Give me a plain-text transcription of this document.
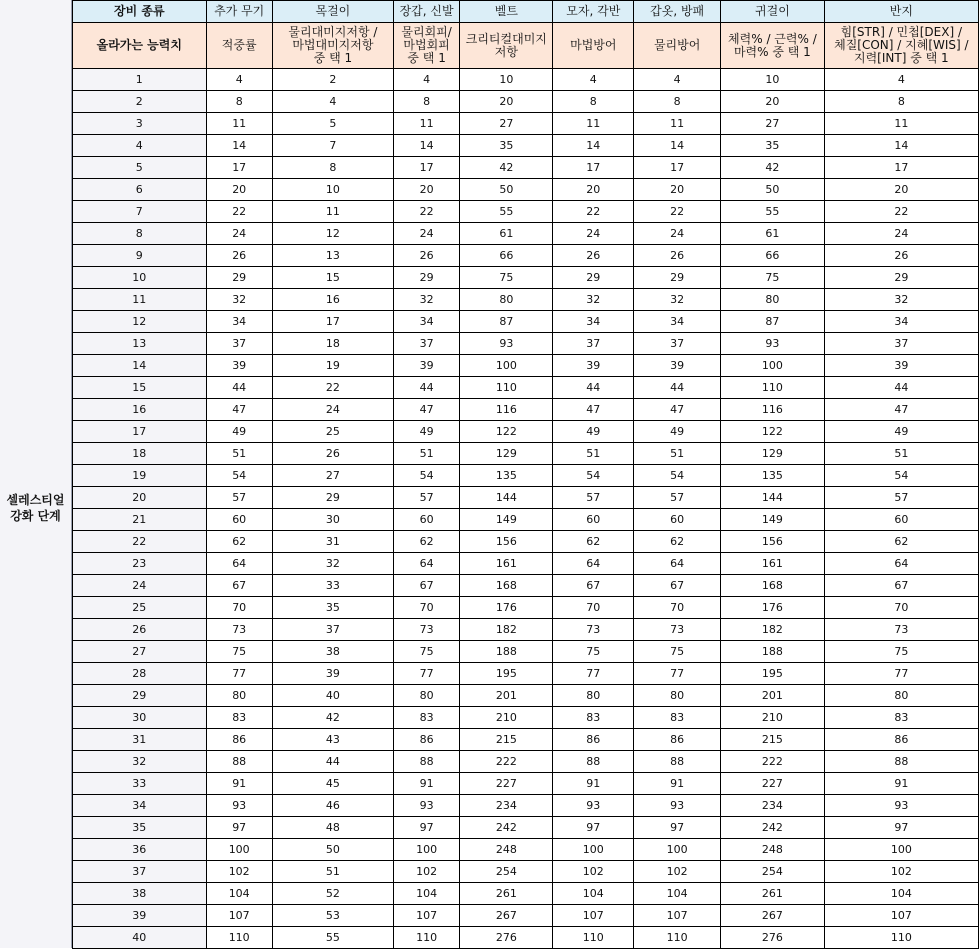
셀레스티얼
강화 단계
장비 종류	추가 무기	목걸이	장갑, 신발	벨트	모자, 각반	갑옷, 방패	귀걸이	반지
올라가는 능력치	적중률	물리대미지저항 /
마법대미지저항
중 택 1	물리회피/
마법회피
중 택 1	크리티컬대미지
저항	마법방어	물리방어	체력% / 근력% /
마력% 중 택 1	힘[STR] / 민첩[DEX] /
체질[CON] / 지혜[WIS] /
지력[INT] 중 택 1
1	4	2	4	10	4	4	10	4
2	8	4	8	20	8	8	20	8
3	11	5	11	27	11	11	27	11
4	14	7	14	35	14	14	35	14
5	17	8	17	42	17	17	42	17
6	20	10	20	50	20	20	50	20
7	22	11	22	55	22	22	55	22
8	24	12	24	61	24	24	61	24
9	26	13	26	66	26	26	66	26
10	29	15	29	75	29	29	75	29
11	32	16	32	80	32	32	80	32
12	34	17	34	87	34	34	87	34
13	37	18	37	93	37	37	93	37
14	39	19	39	100	39	39	100	39
15	44	22	44	110	44	44	110	44
16	47	24	47	116	47	47	116	47
17	49	25	49	122	49	49	122	49
18	51	26	51	129	51	51	129	51
19	54	27	54	135	54	54	135	54
20	57	29	57	144	57	57	144	57
21	60	30	60	149	60	60	149	60
22	62	31	62	156	62	62	156	62
23	64	32	64	161	64	64	161	64
24	67	33	67	168	67	67	168	67
25	70	35	70	176	70	70	176	70
26	73	37	73	182	73	73	182	73
27	75	38	75	188	75	75	188	75
28	77	39	77	195	77	77	195	77
29	80	40	80	201	80	80	201	80
30	83	42	83	210	83	83	210	83
31	86	43	86	215	86	86	215	86
32	88	44	88	222	88	88	222	88
33	91	45	91	227	91	91	227	91
34	93	46	93	234	93	93	234	93
35	97	48	97	242	97	97	242	97
36	100	50	100	248	100	100	248	100
37	102	51	102	254	102	102	254	102
38	104	52	104	261	104	104	261	104
39	107	53	107	267	107	107	267	107
40	110	55	110	276	110	110	276	110
